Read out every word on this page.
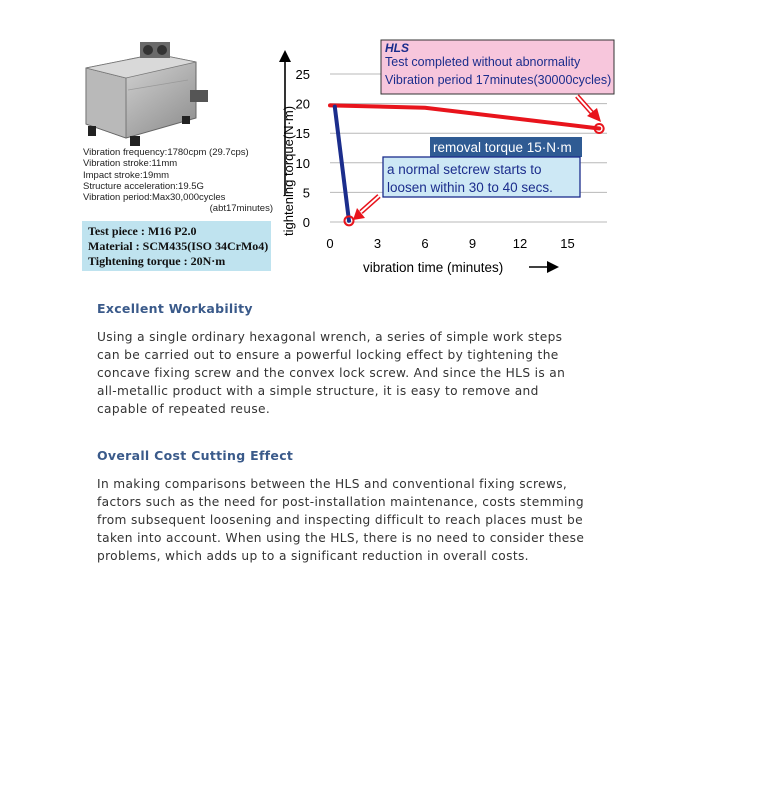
Vibration frequency:1780cpm (29.7cps)
Vibration stroke:11mm
Impact stroke:19mm
Structure acceleration:19.5G
Vibration period:Max30,000cycles
(abt17minutes)
Test piece : M16 P2.0
Material : SCM435(ISO 34CrMo4)
Tightening torque : 20N·m
tightening torque(N·m) 0
5
10
15
20
25
0	3	6	9	12	15
vibration time (minutes)
HLS
Test completed without abnormality
Vibration period 17minutes(30000cycles)
removal torque 15·N·m
a normal setcrew starts to
loosen within 30 to 40 secs.
Excellent Workability
Using a single ordinary hexagonal wrench, a series of simple work steps
can be carried out to ensure a powerful locking effect by tightening the
concave fixing screw and the convex lock screw. And since the HLS is an
all-metallic product with a simple structure, it is easy to remove and
capable of repeated reuse.
Overall Cost Cutting Effect
In making comparisons between the HLS and conventional fixing screws,
factors such as the need for post-installation maintenance, costs stemming
from subsequent loosening and inspecting difficult to reach places must be
taken into account. When using the HLS, there is no need to consider these
problems, which adds up to a significant reduction in overall costs.
